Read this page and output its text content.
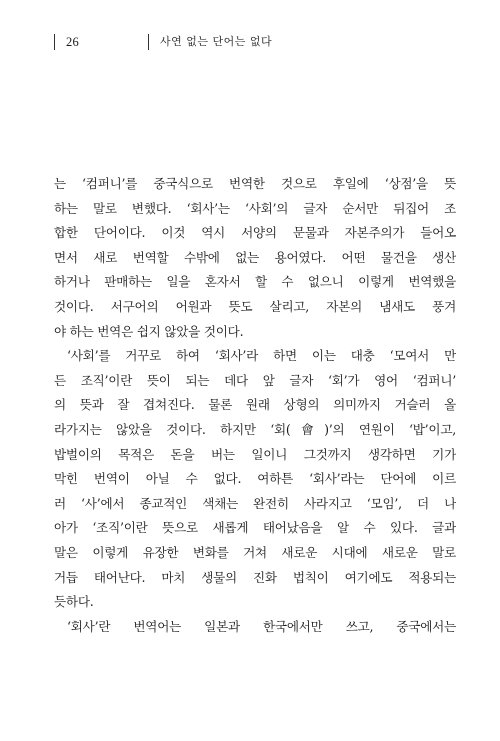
26	사연 없는 단어는 없다
는 ‘컴퍼니’를 중국식으로 번역한 것으로 후일에 ‘상점’을 뜻
하는 말로 변했다. ‘회사’는 ‘사회’의 글자 순서만 뒤집어 조
합한 단어이다. 이것 역시 서양의 문물과 자본주의가 들어오
면서 새로 번역할 수밖에 없는 용어였다. 어떤 물건을 생산
하거나 판매하는 일을 혼자서 할 수 없으니 이렇게 번역했을
것이다. 서구어의 어원과 뜻도 살리고, 자본의 냄새도 풍겨
야 하는 번역은 쉽지 않았을 것이다.
‘사회’를 거꾸로 하여 ‘회사’라 하면 이는 대충 ‘모여서 만
든 조직’이란 뜻이 되는 데다 앞 글자 ‘회’가 영어 ‘컴퍼니’
의 뜻과 잘 겹쳐진다. 물론 원래 상형의 의미까지 거슬러 올
라가지는 않았을 것이다. 하지만 ‘회(會)’의 연원이 ‘밥’이고,
밥벌이의 목적은 돈을 버는 일이니 그것까지 생각하면 기가
막힌 번역이 아닐 수 없다. 여하튼 ‘회사’라는 단어에 이르
러 ‘사’에서 종교적인 색채는 완전히 사라지고 ‘모임’, 더 나
아가 ‘조직’이란 뜻으로 새롭게 태어났음을 알 수 있다. 글과
말은 이렇게 유장한 변화를 거쳐 새로운 시대에 새로운 말로
거듭 태어난다. 마치 생물의 진화 법칙이 여기에도 적용되는
듯하다.
‘회사’란 번역어는 일본과 한국에서만 쓰고, 중국에서는
